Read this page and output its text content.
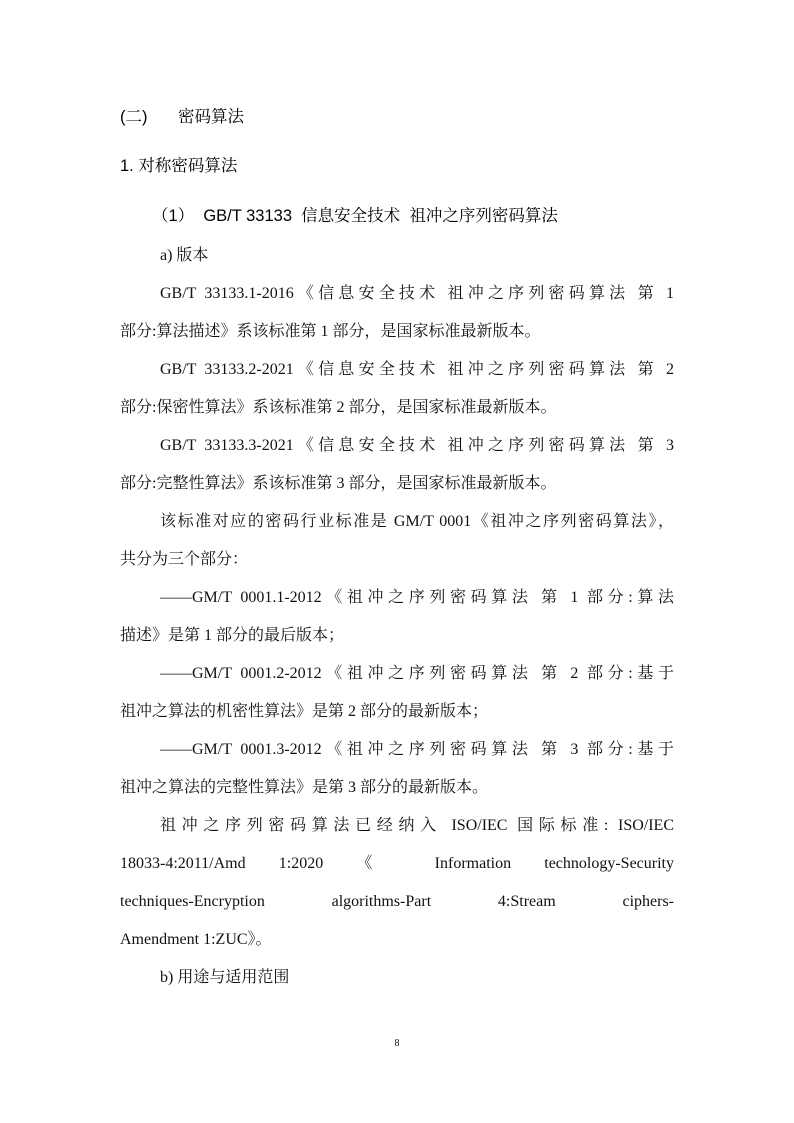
(二)

密码算法

1. 对称密码算法
（1）  GB/T 33133  信息安全技术  祖冲之序列密码算法
a) 版本
GB/T 33133.1-2016《信息安全技术 祖冲之序列密码算法 第 1
部分:算法描述》系该标准第 1 部分，是国家标准最新版本。
GB/T 33133.2-2021《信息安全技术 祖冲之序列密码算法 第 2
部分:保密性算法》系该标准第 2 部分，是国家标准最新版本。
GB/T 33133.3-2021《信息安全技术 祖冲之序列密码算法 第 3
部分:完整性算法》系该标准第 3 部分，是国家标准最新版本。
该标准对应的密码行业标准是 GM/T 0001《祖冲之序列密码算法》，
共分为三个部分：
——GM/T 0001.1-2012《祖冲之序列密码算法 第 1 部分:算法
描述》是第 1 部分的最后版本；
——GM/T 0001.2-2012《祖冲之序列密码算法 第 2 部分:基于
祖冲之算法的机密性算法》是第 2 部分的最新版本；
——GM/T 0001.3-2012《祖冲之序列密码算法 第 3 部分:基于
祖冲之算法的完整性算法》是第 3 部分的最新版本。
祖冲之序列密码算法已经纳入 ISO/IEC 国际标准: ISO/IEC
18033-4:2011/Amd 1:2020 《 Information technology-Security
techniques-Encryption algorithms-Part 4:Stream ciphers-
Amendment 1:ZUC》。
b) 用途与适用范围
8
